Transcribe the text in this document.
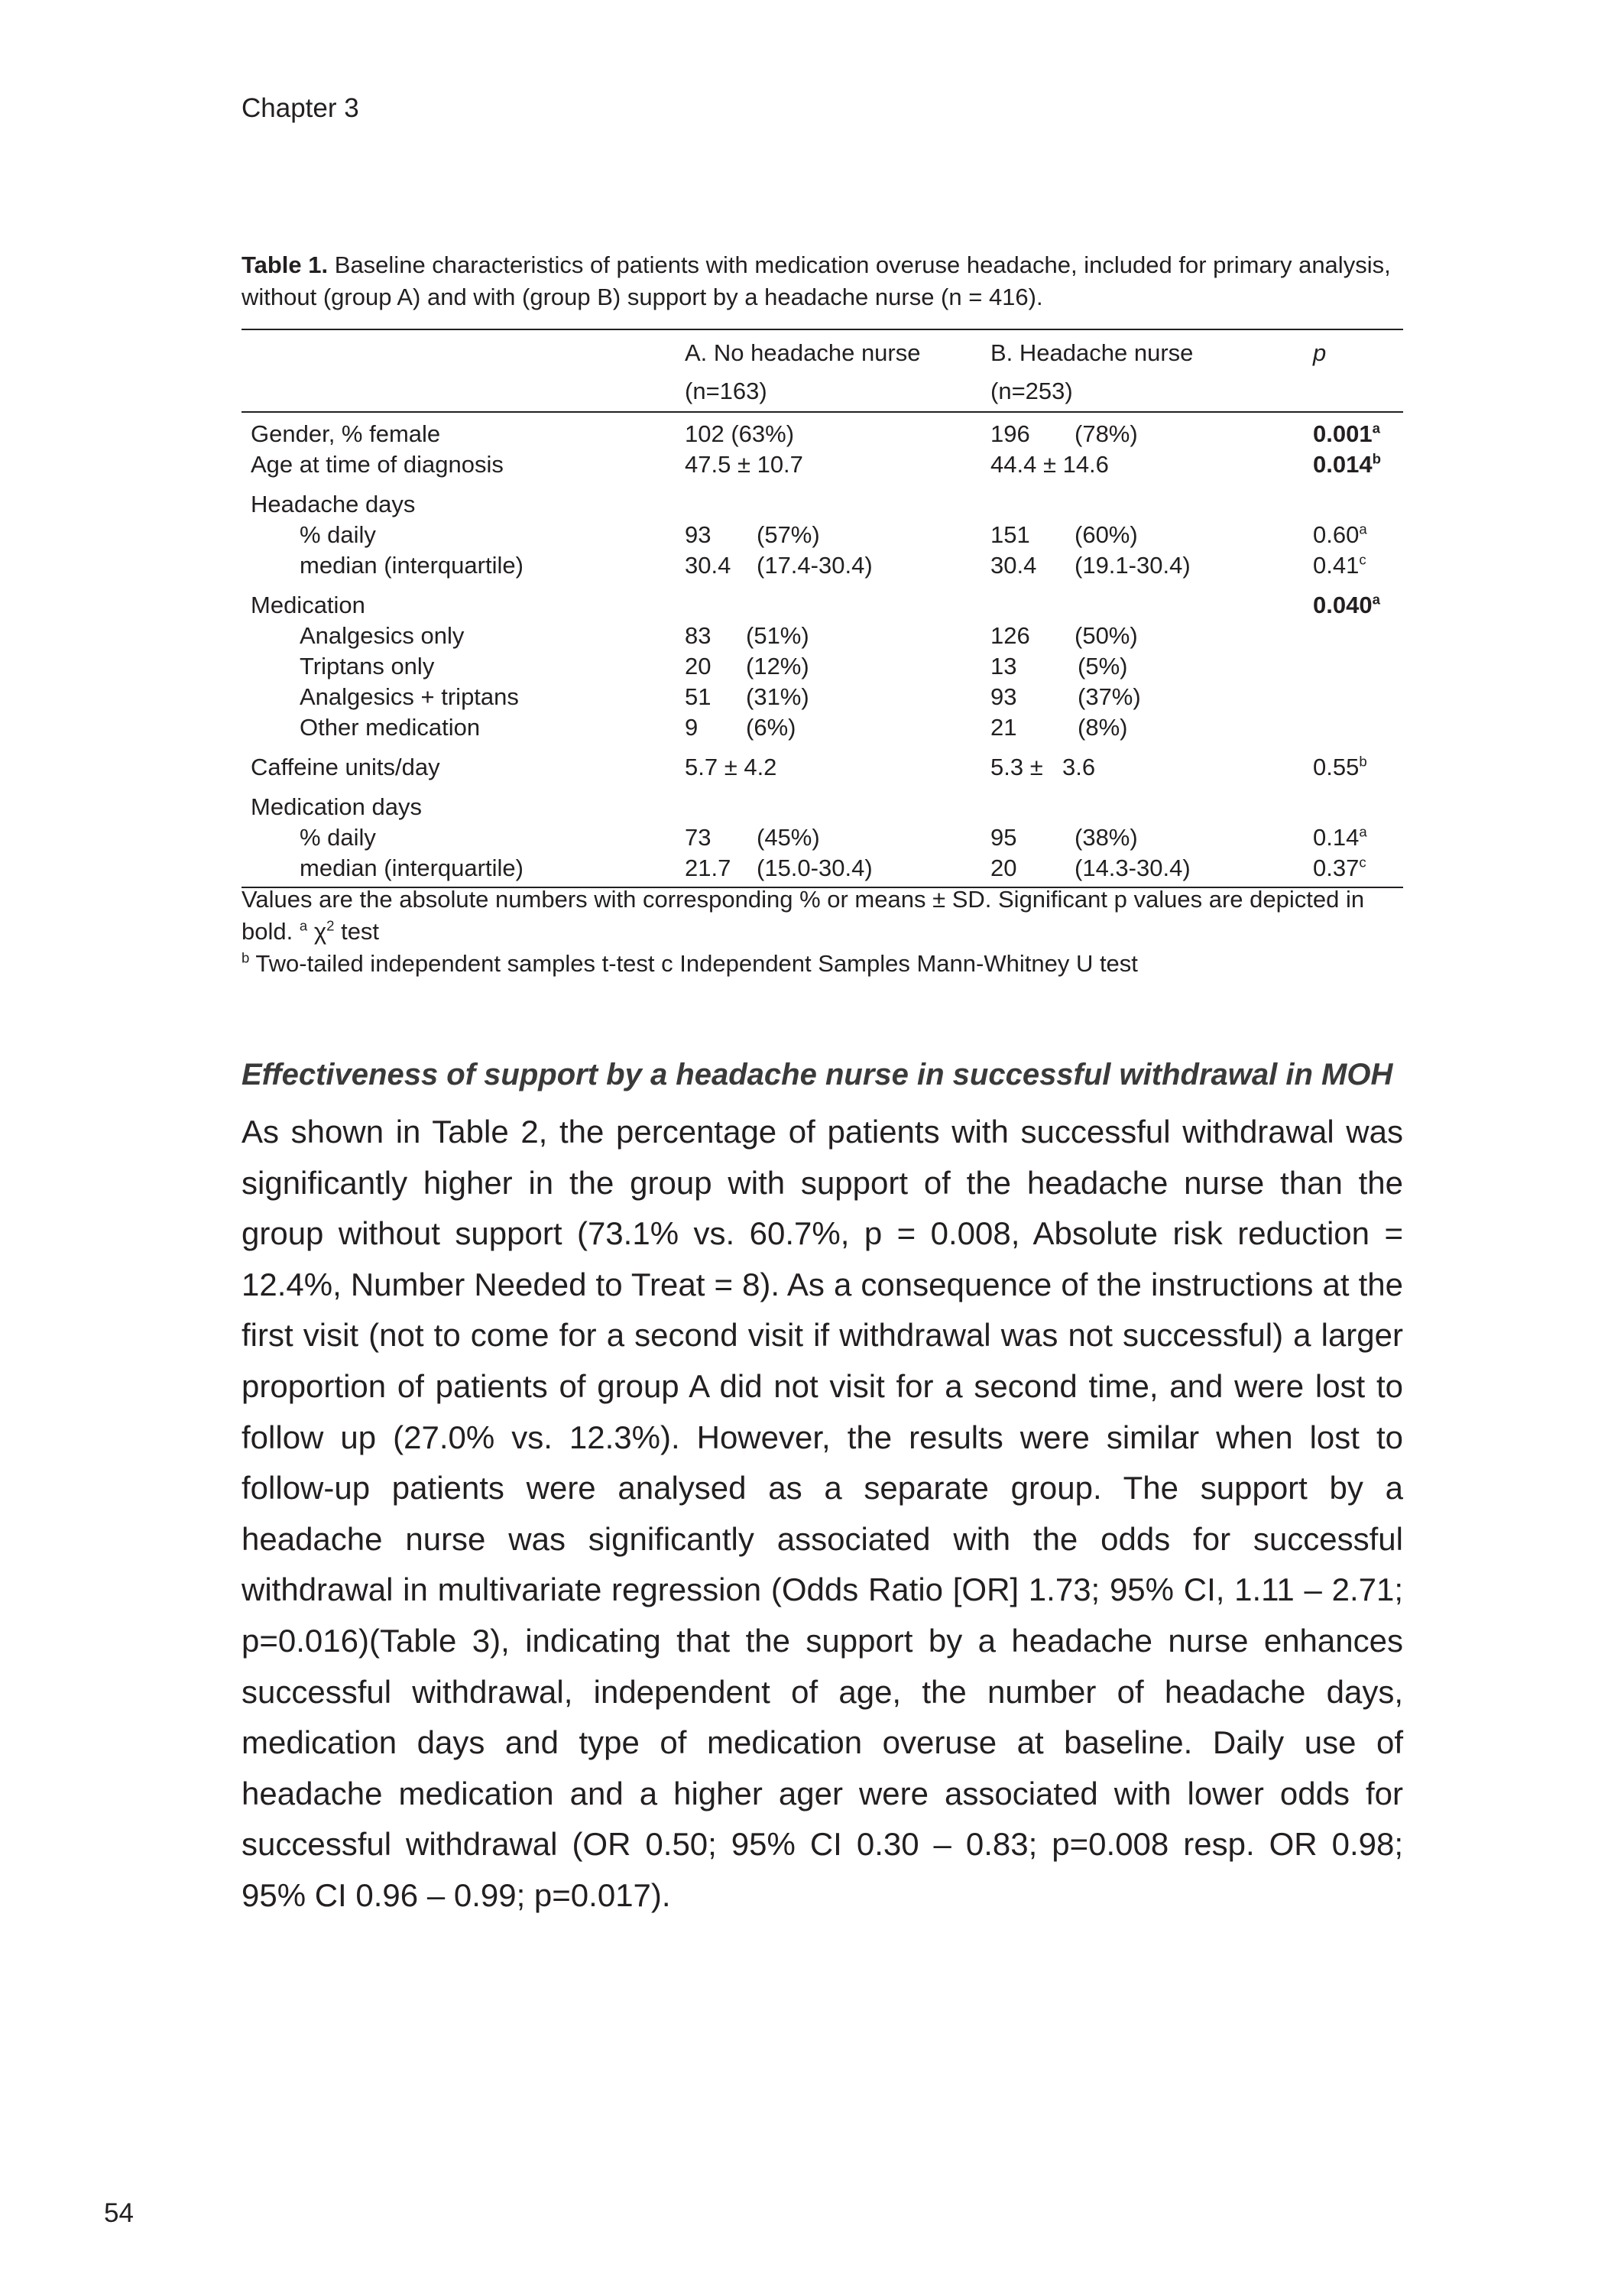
Chapter 3
Table 1. Baseline characteristics of patients with medication overuse headache, included for primary analysis, without (group A) and with (group B) support by a headache nurse (n = 416).
	A. No headache nurse	B. Headache nurse	p
	(n=163)	(n=253)	
Gender, % female	102 (63%)	196 (78%)	0.001$^a$
Age at time of diagnosis	47.5 ± 10.7	44.4 ± 14.6	0.014$^b$
Headache days			
% daily	93 (57%)	151 (60%)	0.60$^a$
median (interquartile)	30.4 (17.4-30.4)	30.4 (19.1-30.4)	0.41$^c$
Medication			0.040$^a$
Analgesics only	83 (51%)	126 (50%)	
Triptans only	20 (12%)	13 (5%)	
Analgesics + triptans	51 (31%)	93 (37%)	
Other medication	9 (6%)	21 (8%)	
Caffeine units/day	5.7 ± 4.2	5.3 ± 3.6	0.55$^b$
Medication days			
% daily	73 (45%)	95 (38%)	0.14$^a$
median (interquartile)	21.7 (15.0-30.4)	20 (14.3-30.4)	0.37$^c$

Values are the absolute numbers with corresponding % or means ± SD. Significant p values are depicted in bold. $^a$ $\chi^2$ test

$^b$ Two-tailed independent samples t-test c Independent Samples Mann-Whitney U test

Effectiveness of support by a headache nurse in successful withdrawal in MOH

As shown in Table 2, the percentage of patients with successful withdrawal was significantly higher in the group with support of the headache nurse than the group without support (73.1% vs. 60.7%, p = 0.008, Absolute risk reduction = 12.4%, Number Needed to Treat = 8). As a consequence of the instructions at the first visit (not to come for a second visit if withdrawal was not successful) a larger proportion of patients of group A did not visit for a second time, and were lost to follow up (27.0% vs. 12.3%). However, the results were similar when lost to follow-up patients were analysed as a separate group. The support by a headache nurse was significantly associated with the odds for successful withdrawal in multivariate regression (Odds Ratio [OR] 1.73; 95% CI, 1.11 – 2.71; p=0.016)(Table 3), indicating that the support by a headache nurse enhances successful withdrawal, independent of age, the number of headache days, medication days and type of medication overuse at baseline. Daily use of headache medication and a higher ager were associated with lower odds for successful withdrawal (OR 0.50; 95% CI 0.30 – 0.83; p=0.008 resp. OR 0.98; 95% CI 0.96 – 0.99; p=0.017).

54
